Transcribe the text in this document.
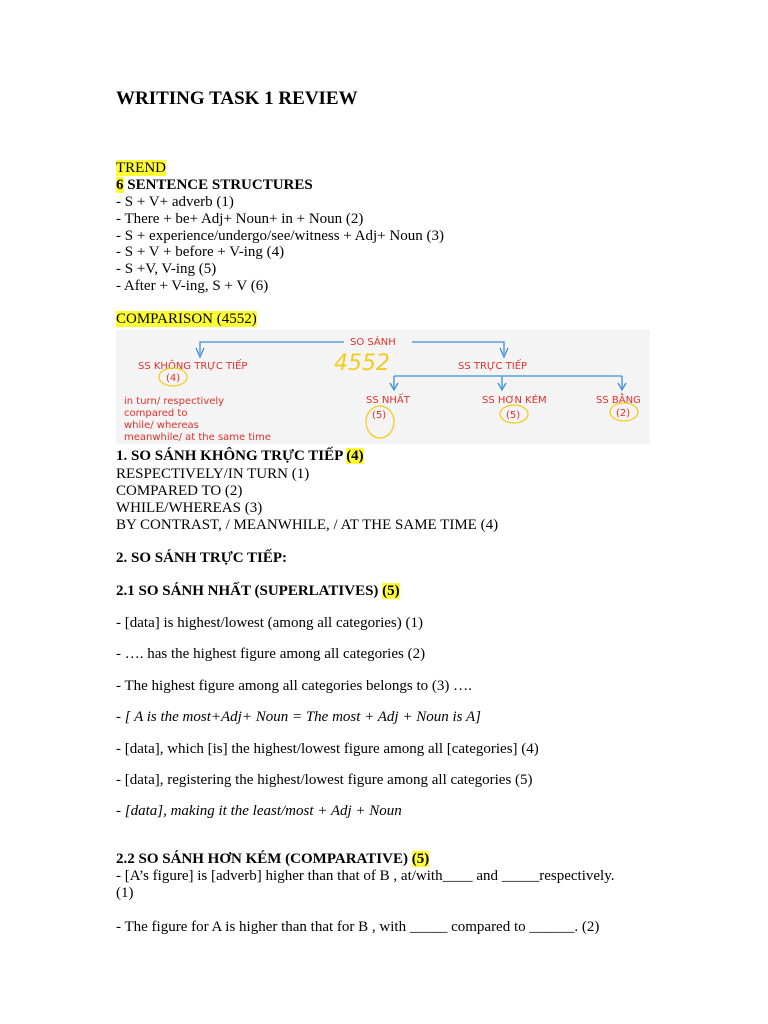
WRITING TASK 1 REVIEW
TREND
6 SENTENCE STRUCTURES
- S + V+ adverb (1)
- There + be+ Adj+ Noun+ in + Noun (2)
- S + experience/undergo/see/witness + Adj+ Noun (3)
- S + V + before + V-ing (4)
- S +V, V-ing (5)
- After + V-ing, S + V (6)
COMPARISON (4552)
SO SÁNH
4552
SS KHÔNG TRỰC TIẾP
(4)
in turn/ respectively
compared to
while/ whereas
meanwhile/ at the same time
SS TRỰC TIẾP
SS NHẤT
(5)
SS HƠN KÉM
(5)
SS BẰNG
(2)
1. SO SÁNH KHÔNG TRỰC TIẾP (4)
RESPECTIVELY/IN TURN (1)
COMPARED TO (2)
WHILE/WHEREAS (3)
BY CONTRAST, / MEANWHILE, / AT THE SAME TIME (4)
2. SO SÁNH TRỰC TIẾP:
2.1 SO SÁNH NHẤT (SUPERLATIVES) (5)
- [data] is highest/lowest (among all categories) (1)
- …. has the highest figure among all categories (2)
- The highest figure among all categories belongs to (3) ….
- [ A is the most+Adj+ Noun = The most + Adj + Noun is A]
- [data], which [is] the highest/lowest figure among all [categories] (4)
- [data], registering the highest/lowest figure among all categories (5)
- [data], making it the least/most + Adj + Noun
2.2 SO SÁNH HƠN KÉM (COMPARATIVE) (5)
- [A’s figure] is [adverb] higher than that of B , at/with____ and _____respectively.
(1)
- The figure for A is higher than that for B , with _____ compared to ______. (2)
